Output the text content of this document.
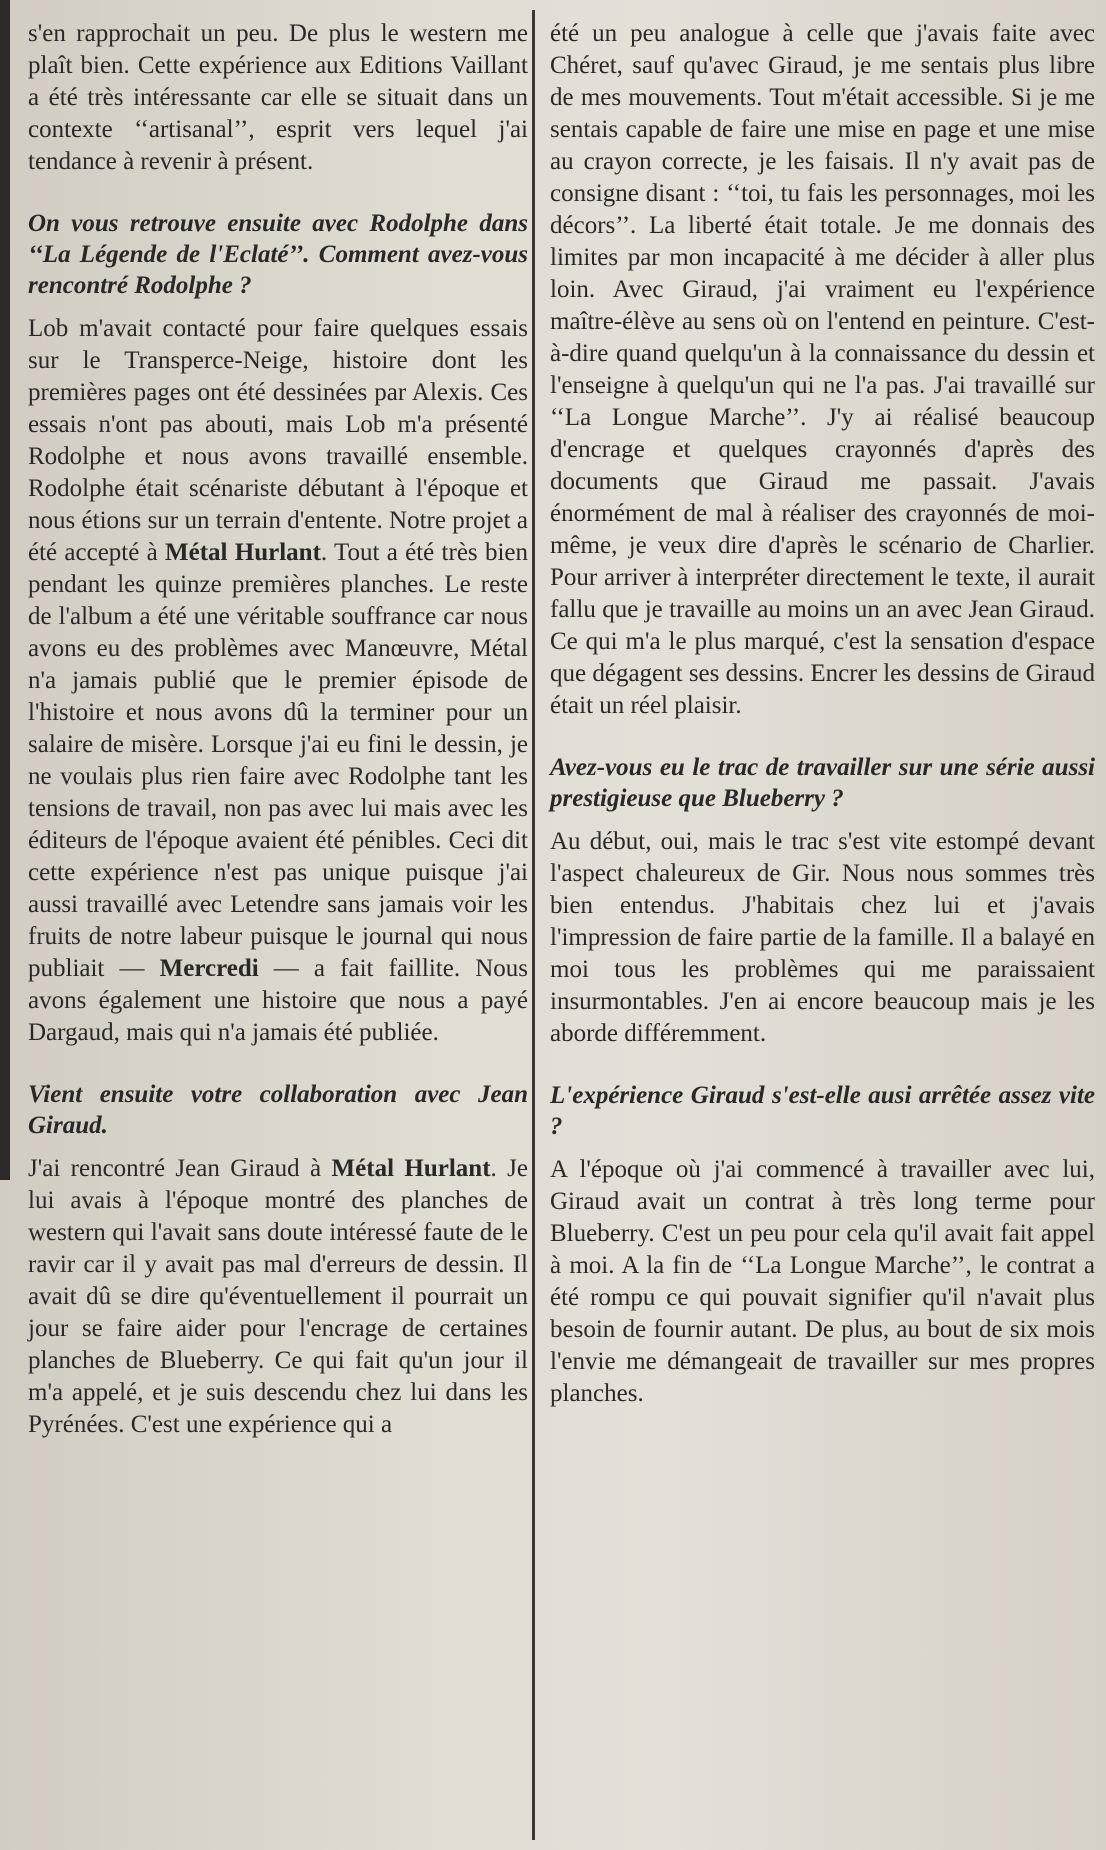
s'en rapprochait un peu. De plus le western me plaît bien. Cette expérience aux Editions Vaillant a été très intéressante car elle se situait dans un contexte ‘‘artisanal’’, esprit vers lequel j'ai tendance à revenir à présent.

On vous retrouve ensuite avec Rodolphe dans ‘‘La Légende de l'Eclaté’’. Comment avez-vous rencontré Rodolphe ?

Lob m'avait contacté pour faire quelques essais sur le Transperce-Neige, histoire dont les premières pages ont été dessinées par Alexis. Ces essais n'ont pas abouti, mais Lob m'a présenté Rodolphe et nous avons travaillé ensemble. Rodolphe était scénariste débutant à l'époque et nous étions sur un terrain d'entente. Notre projet a été accepté à Métal Hurlant. Tout a été très bien pendant les quinze premières planches. Le reste de l'album a été une véritable souffrance car nous avons eu des problèmes avec Manœuvre, Métal n'a jamais publié que le premier épisode de l'histoire et nous avons dû la terminer pour un salaire de misère. Lorsque j'ai eu fini le dessin, je ne voulais plus rien faire avec Rodolphe tant les tensions de travail, non pas avec lui mais avec les éditeurs de l'époque avaient été pénibles. Ceci dit cette expérience n'est pas unique puisque j'ai aussi travaillé avec Letendre sans jamais voir les fruits de notre labeur puisque le journal qui nous publiait — Mercredi — a fait faillite. Nous avons également une histoire que nous a payé Dargaud, mais qui n'a jamais été publiée.

Vient ensuite votre collaboration avec Jean Giraud.

J'ai rencontré Jean Giraud à Métal Hurlant. Je lui avais à l'époque montré des planches de western qui l'avait sans doute intéressé faute de le ravir car il y avait pas mal d'erreurs de dessin. Il avait dû se dire qu'éventuellement il pourrait un jour se faire aider pour l'encrage de certaines planches de Blueberry. Ce qui fait qu'un jour il m'a appelé, et je suis descendu chez lui dans les Pyrénées. C'est une expérience qui a

été un peu analogue à celle que j'avais faite avec Chéret, sauf qu'avec Giraud, je me sentais plus libre de mes mouvements. Tout m'était accessible. Si je me sentais capable de faire une mise en page et une mise au crayon correcte, je les faisais. Il n'y avait pas de consigne disant : ‘‘toi, tu fais les personnages, moi les décors’’. La liberté était totale. Je me donnais des limites par mon incapacité à me décider à aller plus loin. Avec Giraud, j'ai vraiment eu l'expérience maître-élève au sens où on l'entend en peinture. C'est-à-dire quand quelqu'un à la connaissance du dessin et l'enseigne à quelqu'un qui ne l'a pas. J'ai travaillé sur ‘‘La Longue Marche’’. J'y ai réalisé beaucoup d'encrage et quelques crayonnés d'après des documents que Giraud me passait. J'avais énormément de mal à réaliser des crayonnés de moi-même, je veux dire d'après le scénario de Charlier. Pour arriver à interpréter directement le texte, il aurait fallu que je travaille au moins un an avec Jean Giraud. Ce qui m'a le plus marqué, c'est la sensation d'espace que dégagent ses dessins. Encrer les dessins de Giraud était un réel plaisir.

Avez-vous eu le trac de travailler sur une série aussi prestigieuse que Blueberry ?

Au début, oui, mais le trac s'est vite estompé devant l'aspect chaleureux de Gir. Nous nous sommes très bien entendus. J'habitais chez lui et j'avais l'impression de faire partie de la famille. Il a balayé en moi tous les problèmes qui me paraissaient insurmontables. J'en ai encore beaucoup mais je les aborde différemment.

L'expérience Giraud s'est-elle ausi arrêtée assez vite ?

A l'époque où j'ai commencé à travailler avec lui, Giraud avait un contrat à très long terme pour Blueberry. C'est un peu pour cela qu'il avait fait appel à moi. A la fin de ‘‘La Longue Marche’’, le contrat a été rompu ce qui pouvait signifier qu'il n'avait plus besoin de fournir autant. De plus, au bout de six mois l'envie me démangeait de travailler sur mes propres planches.
